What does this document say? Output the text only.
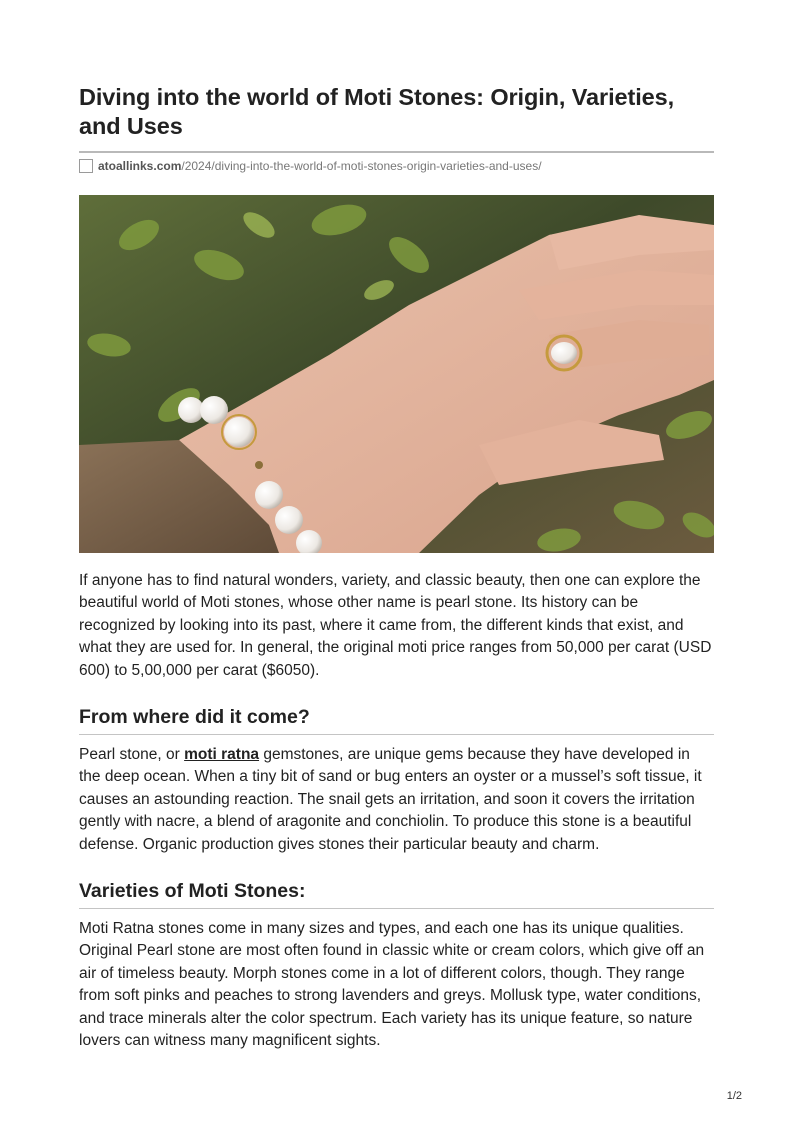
Diving into the world of Moti Stones: Origin, Varieties, and Uses
atoallinks.com/2024/diving-into-the-world-of-moti-stones-origin-varieties-and-uses/

If anyone has to find natural wonders, variety, and classic beauty, then one can explore the beautiful world of Moti stones, whose other name is pearl stone. Its history can be recognized by looking into its past, where it came from, the different kinds that exist, and what they are used for. In general, the original moti price ranges from 50,000 per carat (USD 600) to 5,00,000 per carat ($6050).

From where did it come?

Pearl stone, or moti ratna gemstones, are unique gems because they have developed in the deep ocean. When a tiny bit of sand or bug enters an oyster or a mussel’s soft tissue, it causes an astounding reaction. The snail gets an irritation, and soon it covers the irritation gently with nacre, a blend of aragonite and conchiolin. To produce this stone is a beautiful defense. Organic production gives stones their particular beauty and charm.

Varieties of Moti Stones:

Moti Ratna stones come in many sizes and types, and each one has its unique qualities. Original Pearl stone are most often found in classic white or cream colors, which give off an air of timeless beauty. Morph stones come in a lot of different colors, though. They range from soft pinks and peaches to strong lavenders and greys. Mollusk type, water conditions, and trace minerals alter the color spectrum. Each variety has its unique feature, so nature lovers can witness many magnificent sights.

1/2
